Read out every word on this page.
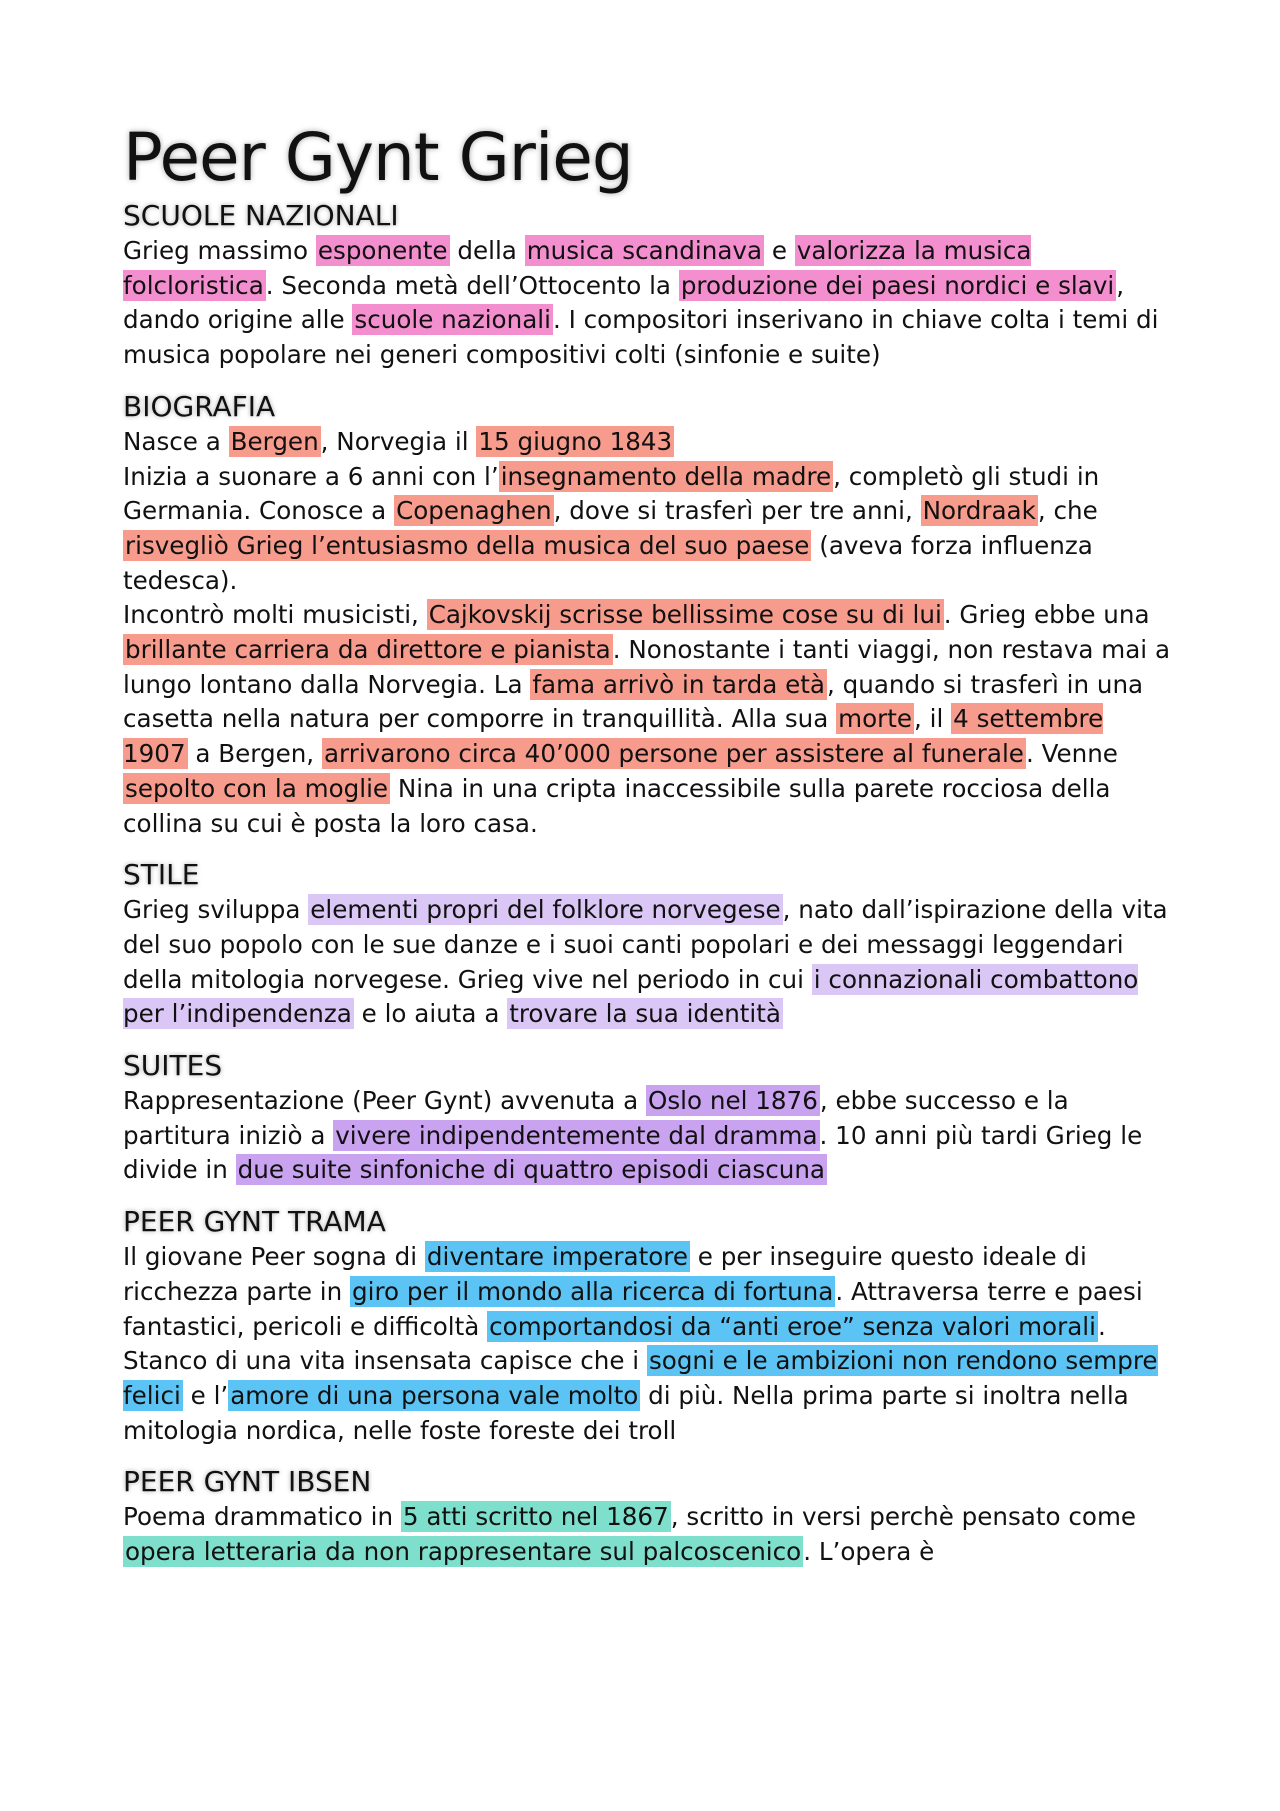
Peer Gynt Grieg
SCUOLE NAZIONALI

Grieg massimo esponente della musica scandinava e valorizza la musica folcloristica. Seconda metà dell’Ottocento la produzione dei paesi nordici e slavi, dando origine alle scuole nazionali. I compositori inserivano in chiave colta i temi di musica popolare nei generi compositivi colti (sinfonie e suite)

BIOGRAFIA

Nasce a Bergen, Norvegia il 15 giugno 1843

Inizia a suonare a 6 anni con l’insegnamento della madre, completò gli studi in Germania. Conosce a Copenaghen, dove si trasferì per tre anni, Nordraak, che risvegliò Grieg l’entusiasmo della musica del suo paese (aveva forza influenza tedesca).

Incontrò molti musicisti, Cajkovskij scrisse bellissime cose su di lui. Grieg ebbe una brillante carriera da direttore e pianista. Nonostante i tanti viaggi, non restava mai a lungo lontano dalla Norvegia. La fama arrivò in tarda età, quando si trasferì in una casetta nella natura per comporre in tranquillità. Alla sua morte, il 4 settembre 1907 a Bergen, arrivarono circa 40’000 persone per assistere al funerale. Venne sepolto con la moglie Nina in una cripta inaccessibile sulla parete rocciosa della collina su cui è posta la loro casa.

STILE

Grieg sviluppa elementi propri del folklore norvegese, nato dall’ispirazione della vita del suo popolo con le sue danze e i suoi canti popolari e dei messaggi leggendari della mitologia norvegese. Grieg vive nel periodo in cui i connazionali combattono per l’indipendenza e lo aiuta a trovare la sua identità

SUITES

Rappresentazione (Peer Gynt) avvenuta a Oslo nel 1876, ebbe successo e la partitura iniziò a vivere indipendentemente dal dramma. 10 anni più tardi Grieg le divide in due suite sinfoniche di quattro episodi ciascuna

PEER GYNT TRAMA

Il giovane Peer sogna di diventare imperatore e per inseguire questo ideale di ricchezza parte in giro per il mondo alla ricerca di fortuna. Attraversa terre e paesi fantastici, pericoli e difficoltà comportandosi da “anti eroe” senza valori morali. Stanco di una vita insensata capisce che i sogni e le ambizioni non rendono sempre felici e l’amore di una persona vale molto di più. Nella prima parte si inoltra nella mitologia nordica, nelle foste foreste dei troll

PEER GYNT IBSEN

Poema drammatico in 5 atti scritto nel 1867, scritto in versi perchè pensato come opera letteraria da non rappresentare sul palcoscenico. L’opera è
